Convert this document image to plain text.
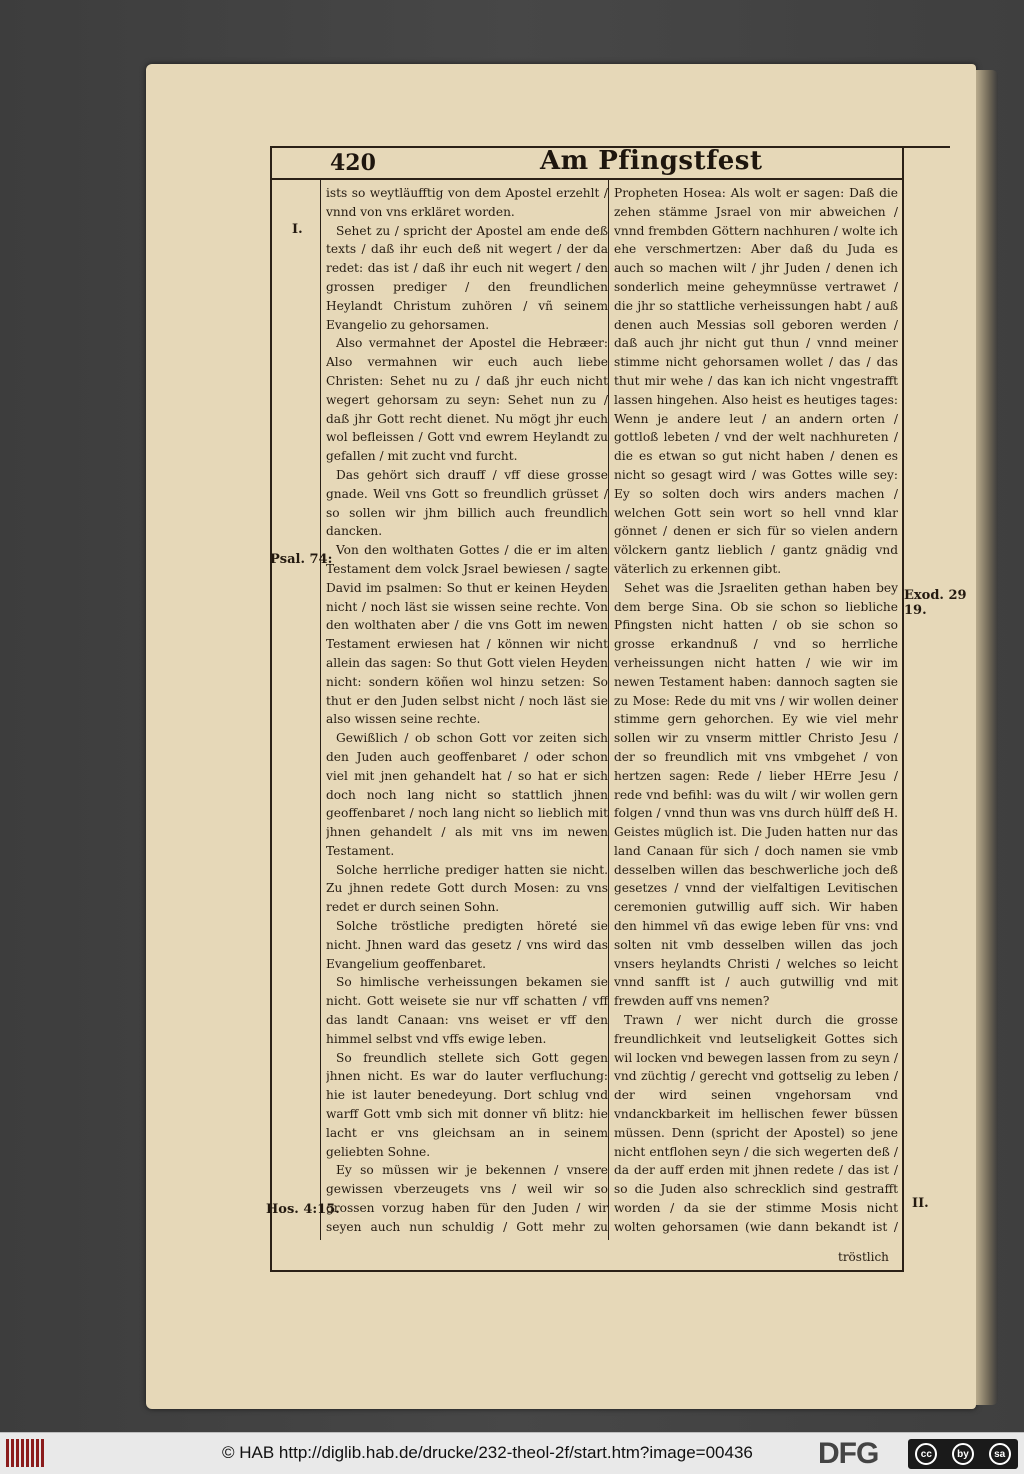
420	Am Pfingstfest
I.
Psal. 74:
Exod. 29 19.
Hos. 4:15.	II.

ists so weytläufftig von dem Apostel erzehlt / vnnd von vns erkläret worden.

Sehet zu / spricht der Apostel am ende deß texts / daß ihr euch deß nit wegert / der da redet: das ist / daß ihr euch nit wegert / den grossen prediger / den freundlichen Heylandt Christum zuhören / vñ seinem Evangelio zu gehorsamen.

Also vermahnet der Apostel die Hebræer: Also vermahnen wir euch auch liebe Christen: Sehet nu zu / daß jhr euch nicht wegert gehorsam zu seyn: Sehet nun zu / daß jhr Gott recht dienet. Nu mögt jhr euch wol befleissen / Gott vnd ewrem Heylandt zu gefallen / mit zucht vnd furcht.

Das gehört sich drauff / vff diese grosse gnade. Weil vns Gott so freundlich grüsset / so sollen wir jhm billich auch freundlich dancken.

Von den wolthaten Gottes / die er im alten Testament dem volck Jsrael bewiesen / sagte David im psalmen: So thut er keinen Heyden nicht / noch läst sie wissen seine rechte. Von den wolthaten aber / die vns Gott im newen Testament erwiesen hat / können wir nicht allein das sagen: So thut Gott vielen Heyden nicht: sondern köñen wol hinzu setzen: So thut er den Juden selbst nicht / noch läst sie also wissen seine rechte.

Gewißlich / ob schon Gott vor zeiten sich den Juden auch geoffenbaret / oder schon viel mit jnen gehandelt hat / so hat er sich doch noch lang nicht so stattlich jhnen geoffenbaret / noch lang nicht so lieblich mit jhnen gehandelt / als mit vns im newen Testament.

Solche herrliche prediger hatten sie nicht. Zu jhnen redete Gott durch Mosen: zu vns redet er durch seinen Sohn.

Solche tröstliche predigten höreté sie nicht. Jhnen ward das gesetz / vns wird das Evangelium geoffenbaret.

So himlische verheissungen bekamen sie nicht. Gott weisete sie nur vff schatten / vff das landt Canaan: vns weiset er vff den himmel selbst vnd vffs ewige leben.

So freundlich stellete sich Gott gegen jhnen nicht. Es war do lauter verfluchung: hie ist lauter benedeyung. Dort schlug vnd warff Gott vmb sich mit donner vñ blitz: hie lacht er vns gleichsam an in seinem geliebten Sohne.

Ey so müssen wir je bekennen / vnsere gewissen vberzeugets vns / weil wir so grossen vorzug haben für den Juden / wir seyen auch nun schuldig / Gott mehr zu

Propheten Hosea: Als wolt er sagen: Daß die zehen stämme Jsrael von mir abweichen / vnnd frembden Göttern nachhuren / wolte ich ehe verschmertzen: Aber daß du Juda es auch so machen wilt / jhr Juden / denen ich sonderlich meine geheymnüsse vertrawet / die jhr so stattliche verheissungen habt / auß denen auch Messias soll geboren werden / daß auch jhr nicht gut thun / vnnd meiner stimme nicht gehorsamen wollet / das / das thut mir wehe / das kan ich nicht vngestrafft lassen hingehen. Also heist es heutiges tages: Wenn je andere leut / an andern orten / gottloß lebeten / vnd der welt nachhureten / die es etwan so gut nicht haben / denen es nicht so gesagt wird / was Gottes wille sey: Ey so solten doch wirs anders machen / welchen Gott sein wort so hell vnnd klar gönnet / denen er sich für so vielen andern völckern gantz lieblich / gantz gnädig vnd väterlich zu erkennen gibt.

Sehet was die Jsraeliten gethan haben bey dem berge Sina. Ob sie schon so liebliche Pfingsten nicht hatten / ob sie schon so grosse erkandnuß / vnd so herrliche verheissungen nicht hatten / wie wir im newen Testament haben: dannoch sagten sie zu Mose: Rede du mit vns / wir wollen deiner stimme gern gehorchen. Ey wie viel mehr sollen wir zu vnserm mittler Christo Jesu / der so freundlich mit vns vmbgehet / von hertzen sagen: Rede / lieber HErre Jesu / rede vnd befihl: was du wilt / wir wollen gern folgen / vnnd thun was vns durch hülff deß H. Geistes müglich ist. Die Juden hatten nur das land Canaan für sich / doch namen sie vmb desselben willen das beschwerliche joch deß gesetzes / vnnd der vielfaltigen Levitischen ceremonien gutwillig auff sich. Wir haben den himmel vñ das ewige leben für vns: vnd solten nit vmb desselben willen das joch vnsers heylandts Christi / welches so leicht vnnd sanfft ist / auch gutwillig vnd mit frewden auff vns nemen?

Trawn / wer nicht durch die grosse freundlichkeit vnd leutseligkeit Gottes sich wil locken vnd bewegen lassen from zu seyn / vnd züchtig / gerecht vnd gottselig zu leben / der wird seinen vngehorsam vnd vndanckbarkeit im hellischen fewer büssen müssen. Denn (spricht der Apostel) so jene nicht entflohen seyn / die sich wegerten deß / da der auff erden mit jhnen redete / das ist / so die Juden also schrecklich sind gestrafft worden / da sie der stimme Mosis nicht wolten gehorsamen (wie dann bekandt ist /

tröstlich
© HAB http://diglib.hab.de/drucke/232-theol-2f/start.htm?image=00436 DFG	cc	by	sa
